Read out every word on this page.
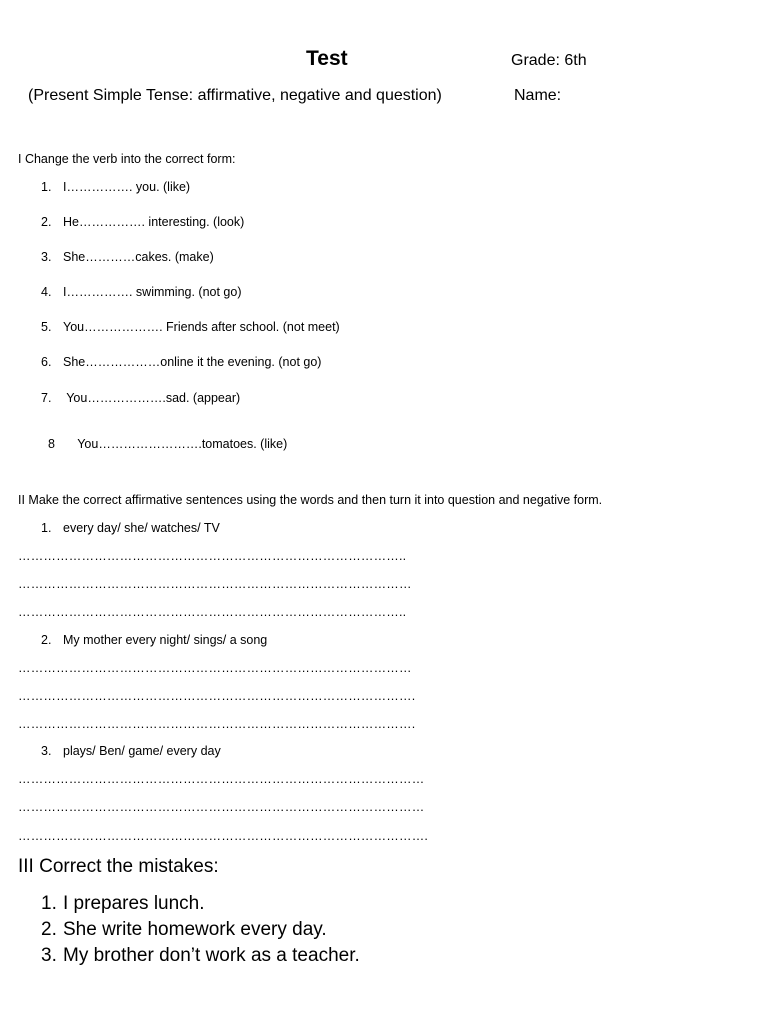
Test	Grade: 6th
(Present Simple Tense: affirmative, negative and question)	Name:
I Change the verb into the correct form:
1. I……………. you. (like)
2. He……………. interesting. (look)
3. She…………cakes. (make)
4. I……………. swimming. (not go)
5. You………………. Friends after school. (not meet)
6. She………………online it the evening. (not go)
7. You……………….sad. (appear)
8 You…………………….tomatoes. (like)
II Make the correct affirmative sentences using the words and then turn it into question and negative form.
1. every day/ she/ watches/ TV
………………………………………………………………………………..
…………………………………………………………………………………
………………………………………………………………………………..
2. My mother every night/ sings/ a song
…………………………………………………………………………………
………………………………………………………………………………….
………………………………………………………………………………….
3. plays/ Ben/ game/ every day
……………………………………………………………………………………
……………………………………………………………………………………
…………………………………………………………………………………….
III Correct the mistakes:
1. I prepares lunch.
2. She write homework every day.
3. My brother don’t work as a teacher.
